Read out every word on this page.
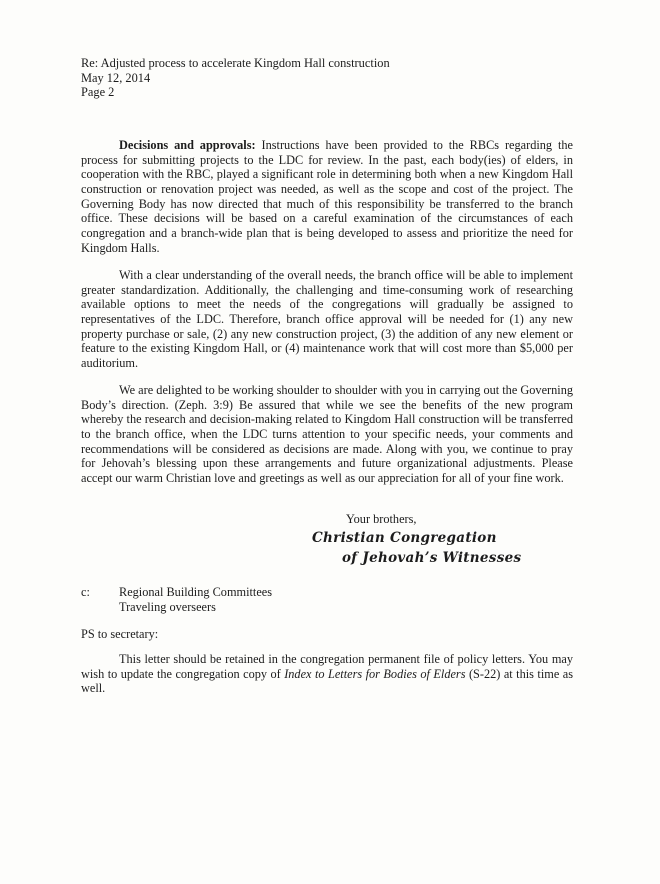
Re: Adjusted process to accelerate Kingdom Hall construction
May 12, 2014
Page 2

Decisions and approvals: Instructions have been provided to the RBCs regarding the process for submitting projects to the LDC for review. In the past, each body(ies) of elders, in cooperation with the RBC, played a significant role in determining both when a new Kingdom Hall construction or renovation project was needed, as well as the scope and cost of the project. The Governing Body has now directed that much of this responsibility be transferred to the branch office. These decisions will be based on a careful examination of the circumstances of each congregation and a branch-wide plan that is being developed to assess and prioritize the need for Kingdom Halls.

With a clear understanding of the overall needs, the branch office will be able to implement greater standardization. Additionally, the challenging and time-consuming work of researching available options to meet the needs of the congregations will gradually be assigned to representatives of the LDC. Therefore, branch office approval will be needed for (1) any new property purchase or sale, (2) any new construction project, (3) the addition of any new element or feature to the existing Kingdom Hall, or (4) maintenance work that will cost more than $5,000 per auditorium.

We are delighted to be working shoulder to shoulder with you in carrying out the Governing Body’s direction. (Zeph. 3:9) Be assured that while we see the benefits of the new program whereby the research and decision-making related to Kingdom Hall construction will be transferred to the branch office, when the LDC turns attention to your specific needs, your comments and recommendations will be considered as decisions are made. Along with you, we continue to pray for Jehovah’s blessing upon these arrangements and future organizational adjustments. Please accept our warm Christian love and greetings as well as our appreciation for all of your fine work.

Your brothers,
Christian Congregation
of Jehovah’s Witnesses
c: Regional Building Committees
Traveling overseers
PS to secretary:

This letter should be retained in the congregation permanent file of policy letters. You may wish to update the congregation copy of Index to Letters for Bodies of Elders (S-22) at this time as well.
